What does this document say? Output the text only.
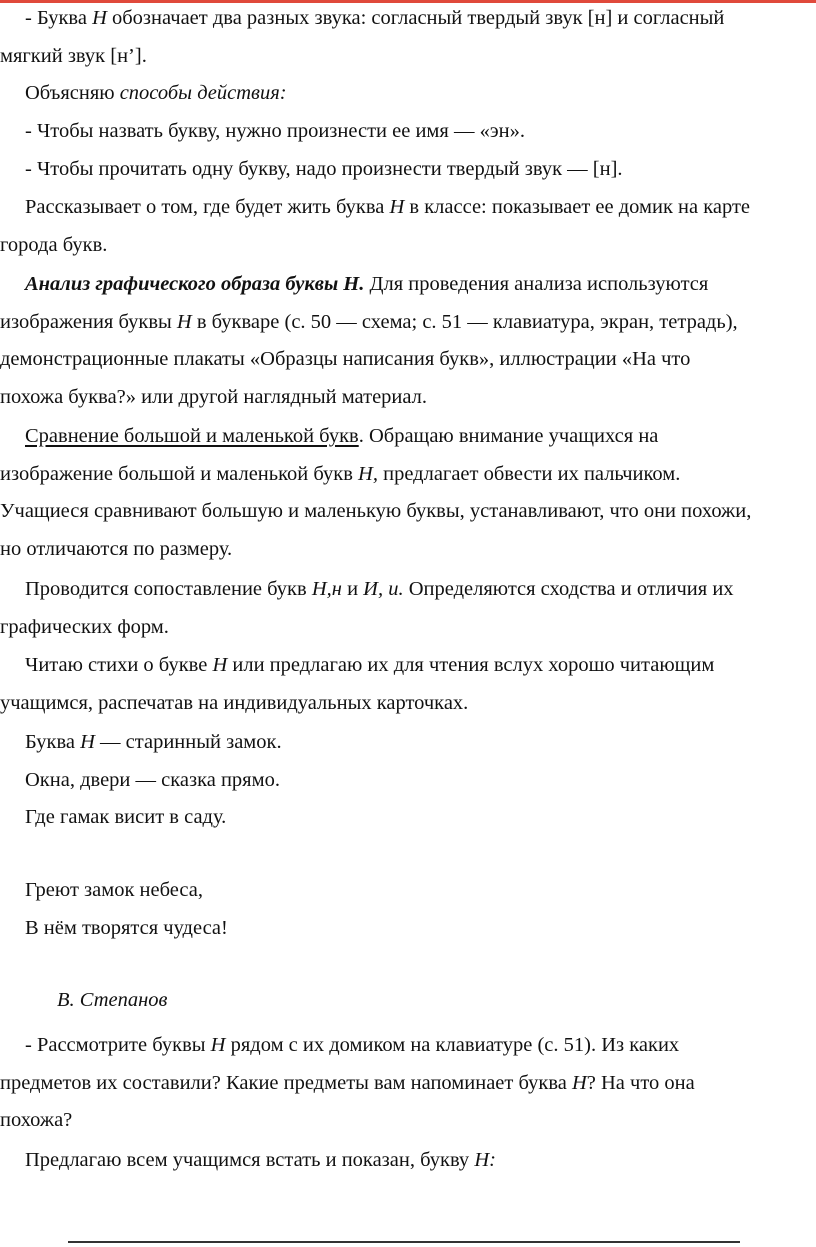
- Буква Н обозначает два разных звука: согласный твердый звук [н] и согласный
мягкий звук [н’].
Объясняю способы действия:
- Чтобы назвать букву, нужно произнести ее имя — «эн».
- Чтобы прочитать одну букву, надо произнести твердый звук — [н].
Рассказывает о том, где будет жить буква Н в классе: показывает ее домик на карте
города букв.
Анализ графического образа буквы Н. Для проведения анализа используются
изображения буквы Н в букваре (с. 50 — схема; с. 51 — клавиатура, экран, тетрадь),
демонстрационные плакаты «Образцы написания букв», иллюстрации «На что
похожа буква?» или другой наглядный материал.
Сравнение большой и маленькой букв. Обращаю внимание учащихся на
изображение большой и маленькой букв Н, предлагает обвести их пальчиком.
Учащиеся сравнивают большую и маленькую буквы, устанавливают, что они похожи,
но отличаются по размеру.
Проводится сопоставление букв Н,н и И, и. Определяются сходства и отличия их
графических форм.
Читаю стихи о букве Н или предлагаю их для чтения вслух хорошо читающим
учащимся, распечатав на индивидуальных карточках.
Буква Н — старинный замок.
Окна, двери — сказка прямо.
Где гамак висит в саду.
Греют замок небеса,
В нём творятся чудеса!
В. Степанов
- Рассмотрите буквы Н рядом с их домиком на клавиатуре (с. 51). Из каких
предметов их составили? Какие предметы вам напоминает буква Н? На что она
похожа?
Предлагаю всем учащимся встать и показан, букву Н:
